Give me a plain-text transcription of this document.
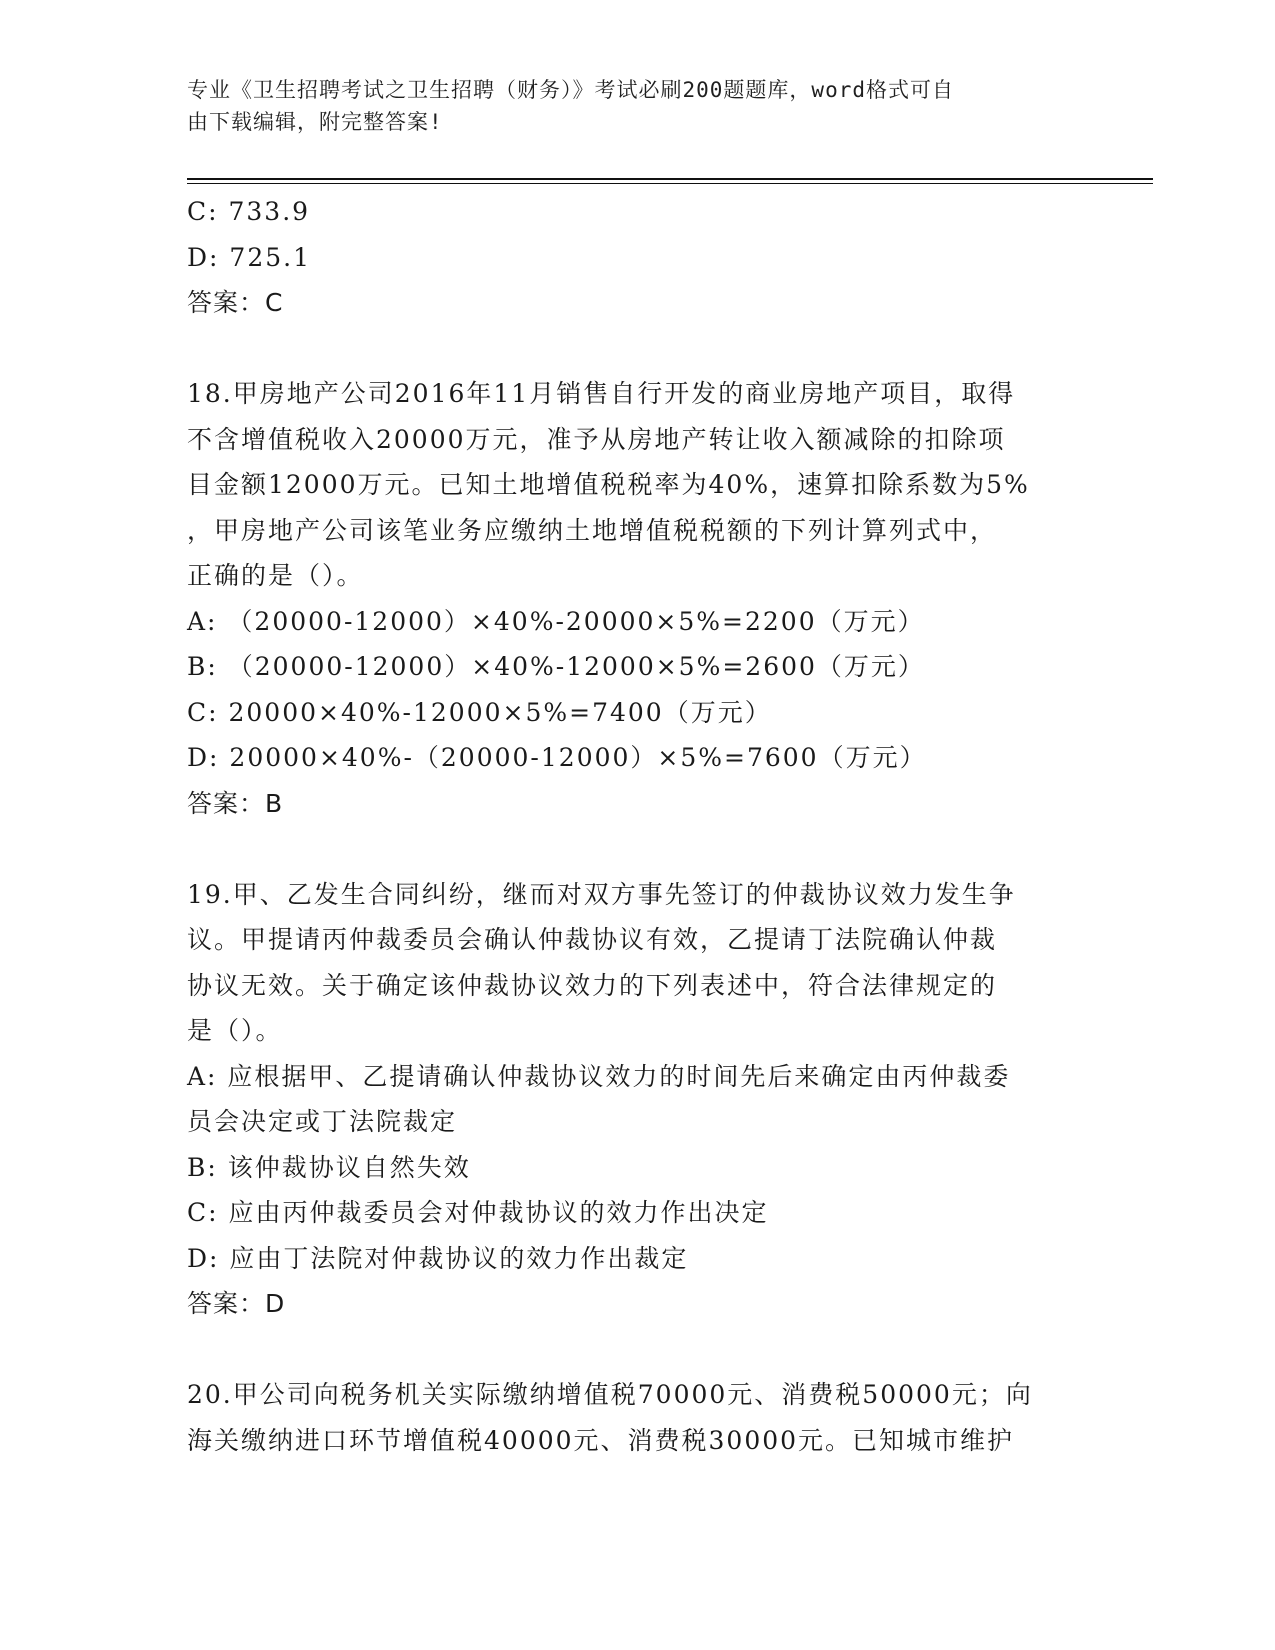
专业《卫生招聘考试之卫生招聘（财务）》考试必刷200题题库，word格式可自
由下载编辑，附完整答案!
C: 733.9
D: 725.1
答案：C
18.甲房地产公司2016年11月销售自行开发的商业房地产项目，取得
不含增值税收入20000万元，准予从房地产转让收入额减除的扣除项
目金额12000万元。已知土地增值税税率为40%，速算扣除系数为5%
，甲房地产公司该笔业务应缴纳土地增值税税额的下列计算列式中，
正确的是（）。
A: （20000-12000）×40%-20000×5%=2200（万元）
B: （20000-12000）×40%-12000×5%=2600（万元）
C: 20000×40%-12000×5%=7400（万元）
D: 20000×40%-（20000-12000）×5%=7600（万元）
答案：B
19.甲、乙发生合同纠纷，继而对双方事先签订的仲裁协议效力发生争
议。甲提请丙仲裁委员会确认仲裁协议有效，乙提请丁法院确认仲裁
协议无效。关于确定该仲裁协议效力的下列表述中，符合法律规定的
是（）。
A: 应根据甲、乙提请确认仲裁协议效力的时间先后来确定由丙仲裁委
员会决定或丁法院裁定
B: 该仲裁协议自然失效
C: 应由丙仲裁委员会对仲裁协议的效力作出决定
D: 应由丁法院对仲裁协议的效力作出裁定
答案：D
20.甲公司向税务机关实际缴纳增值税70000元、消费税50000元；向
海关缴纳进口环节增值税40000元、消费税30000元。已知城市维护
